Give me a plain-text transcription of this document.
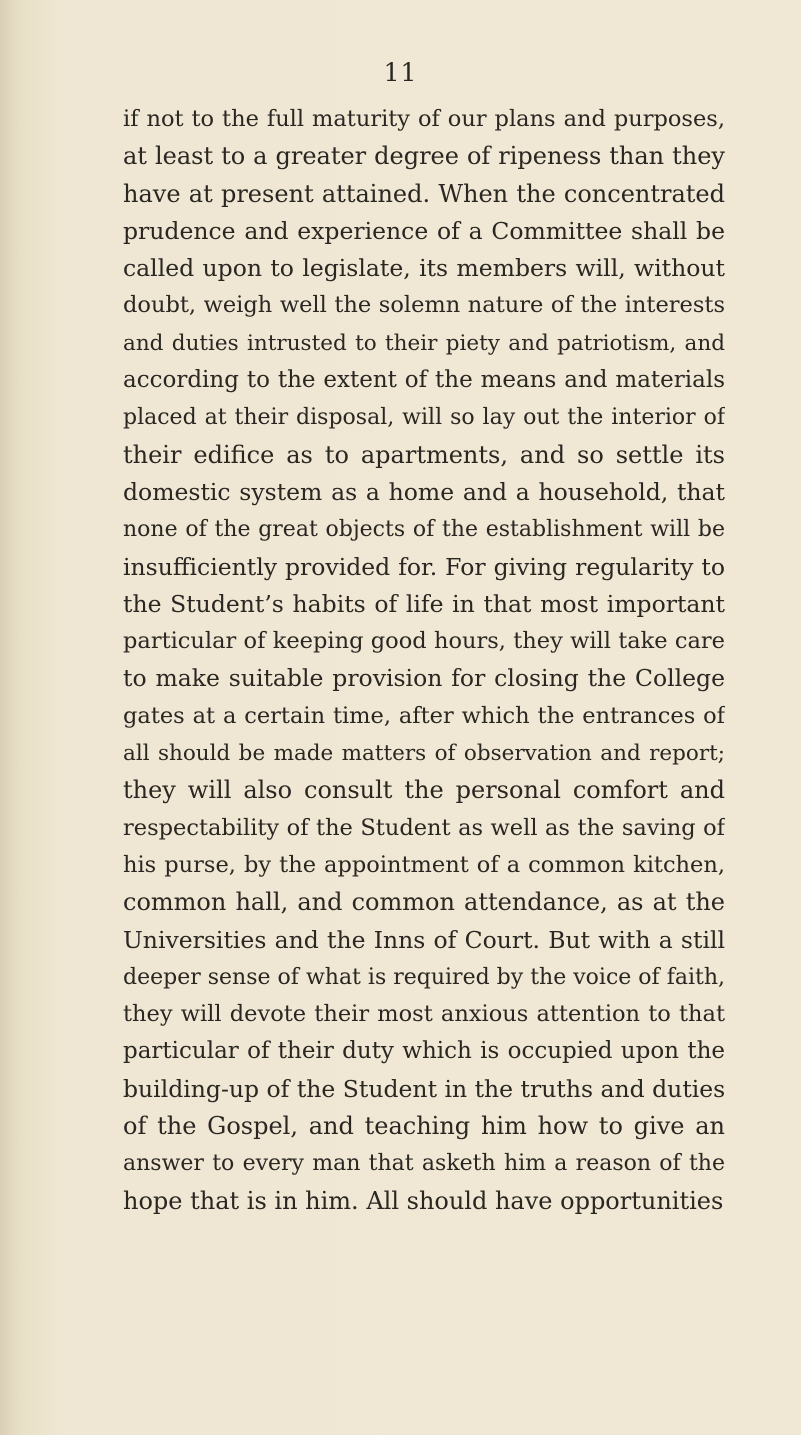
11
if not to the full maturity of our plans and purposes,
at least to a greater degree of ripeness than they
have at present attained. When the concentrated
prudence and experience of a Committee shall be
called upon to legislate, its members will, without
doubt, weigh well the solemn nature of the interests
and duties intrusted to their piety and patriotism, and
according to the extent of the means and materials
placed at their disposal, will so lay out the interior of
their edifice as to apartments, and so settle its
domestic system as a home and a household, that
none of the great objects of the establishment will be
insufficiently provided for. For giving regularity to
the Student’s habits of life in that most important
particular of keeping good hours, they will take care
to make suitable provision for closing the College
gates at a certain time, after which the entrances of
all should be made matters of observation and report;
they will also consult the personal comfort and
respectability of the Student as well as the saving of
his purse, by the appointment of a common kitchen,
common hall, and common attendance, as at the
Universities and the Inns of Court. But with a still
deeper sense of what is required by the voice of faith,
they will devote their most anxious attention to that
particular of their duty which is occupied upon the
building-up of the Student in the truths and duties
of the Gospel, and teaching him how to give an
answer to every man that asketh him a reason of the
hope that is in him. All should have opportunities
